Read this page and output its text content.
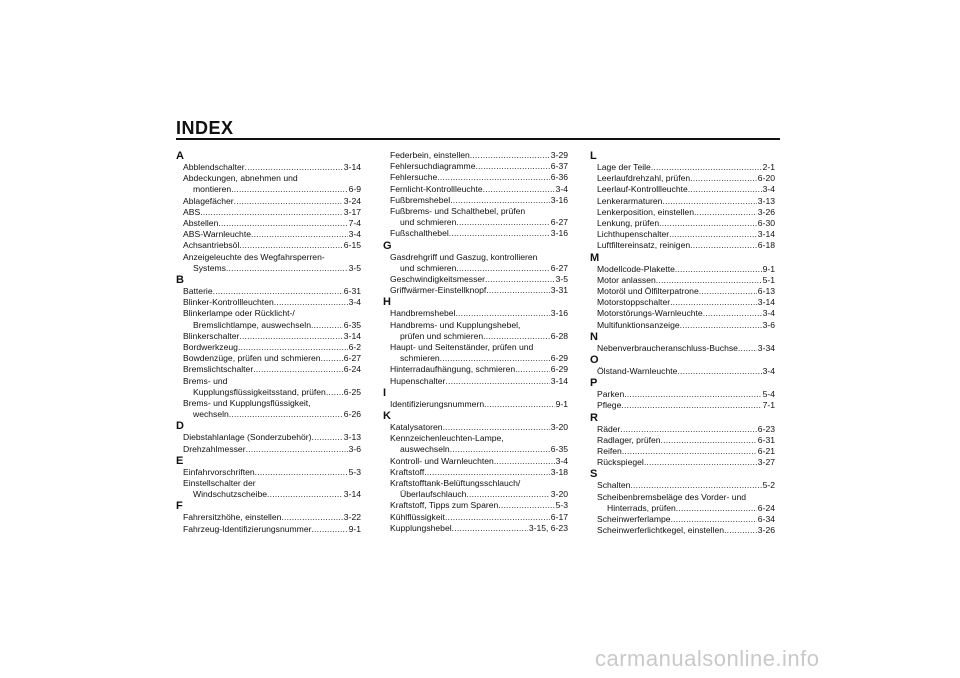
INDEX
A
Abblendschalter .....	3-14
Abdeckungen, abnehmen und
montieren .....	6-9
Ablagefächer .....	3-24
ABS .....	3-17
Abstellen .....	7-4
ABS-Warnleuchte .....	3-4
Achsantriebsöl .....	6-15
Anzeigeleuchte des Wegfahrsperren-
Systems .....	3-5
B
Batterie .....	6-31
Blinker-Kontrollleuchten .....	3-4
Blinkerlampe oder Rücklicht-/
Bremslichtlampe, auswechseln .....	6-35
Blinkerschalter .....	3-14
Bordwerkzeug .....	6-2
Bowdenzüge, prüfen und schmieren .....	6-27
Bremslichtschalter .....	6-24
Brems- und
Kupplungsflüssigkeitsstand, prüfen ..... 6-25
Brems- und Kupplungsflüssigkeit,
wechseln .....	6-26
D
Diebstahlanlage (Sonderzubehör) .....	3-13
Drehzahlmesser .....	3-6
E
Einfahrvorschriften .....	5-3
Einstellschalter der
Windschutzscheibe .....	3-14
F
Fahrersitzhöhe, einstellen .....	3-22
Fahrzeug-Identifizierungsnummer .....	9-1
Federbein, einstellen .....	3-29
Fehlersuchdiagramme .....	6-37
Fehlersuche .....	6-36
Fernlicht-Kontrollleuchte .....	3-4
Fußbremshebel .....	3-16
Fußbrems- und Schalthebel, prüfen
und schmieren .....	6-27
Fußschalthebel .....	3-16
G
Gasdrehgriff und Gaszug, kontrollieren
und schmieren .....	6-27
Geschwindigkeitsmesser .....	3-5
Griffwärmer-Einstellknopf .....	3-31
H
Handbremshebel .....	3-16
Handbrems- und Kupplungshebel,
prüfen und schmieren .....	6-28
Haupt- und Seitenständer, prüfen und
schmieren .....	6-29
Hinterradaufhängung, schmieren .....	6-29
Hupenschalter .....	3-14
I
Identifizierungsnummern .....	9-1
K
Katalysatoren .....	3-20
Kennzeichenleuchten-Lampe,
auswechseln .....	6-35
Kontroll- und Warnleuchten .....	3-4
Kraftstoff .....	3-18
Kraftstofftank-Belüftungsschlauch/
Überlaufschlauch .....	3-20
Kraftstoff, Tipps zum Sparen .....	5-3
Kühlflüssigkeit .....	6-17
Kupplungshebel .....	3-15, 6-23
L
Lage der Teile .....	2-1
Leerlaufdrehzahl, prüfen .....	6-20
Leerlauf-Kontrollleuchte .....	3-4
Lenkerarmaturen .....	3-13
Lenkerposition, einstellen .....	3-26
Lenkung, prüfen .....	6-30
Lichthupenschalter .....	3-14
Luftfiltereinsatz, reinigen .....	6-18
M
Modellcode-Plakette .....	9-1
Motor anlassen .....	5-1
Motoröl und Ölfilterpatrone .....	6-13
Motorstoppschalter .....	3-14
Motorstörungs-Warnleuchte .....	3-4
Multifunktionsanzeige .....	3-6
N
Nebenverbraucheranschluss-Buchse ..... 3-34
O
Ölstand-Warnleuchte .....	3-4
P
Parken .....	5-4
Pflege .....	7-1
R
Räder .....	6-23
Radlager, prüfen .....	6-31
Reifen .....	6-21
Rückspiegel .....	3-27
S
Schalten .....	5-2
Scheibenbremsbeläge des Vorder- und
Hinterrads, prüfen .....	6-24
Scheinwerferlampe .....	6-34
Scheinwerferlichtkegel, einstellen .....	3-26
carmanualsonline.info
